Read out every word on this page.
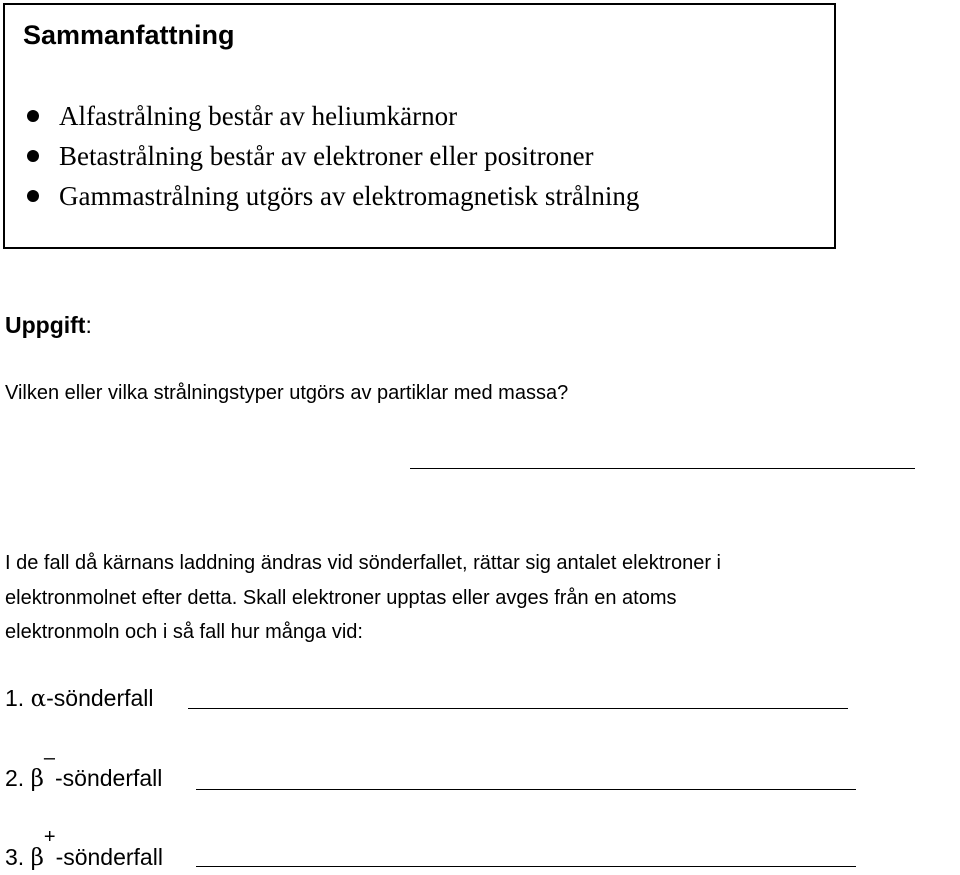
Sammanfattning
Alfastrålning består av heliumkärnor
Betastrålning består av elektroner eller positroner
Gammastrålning utgörs av elektromagnetisk strålning
Uppgift:
Vilken eller vilka strålningstyper utgörs av partiklar med massa?
I de fall då kärnans laddning ändras vid sönderfallet, rättar sig antalet elektroner i
elektronmolnet efter detta. Skall elektroner upptas eller avges från en atoms
elektronmoln och i så fall hur många vid:
1. α-sönderfall
2. β–-sönderfall
3. β+-sönderfall
